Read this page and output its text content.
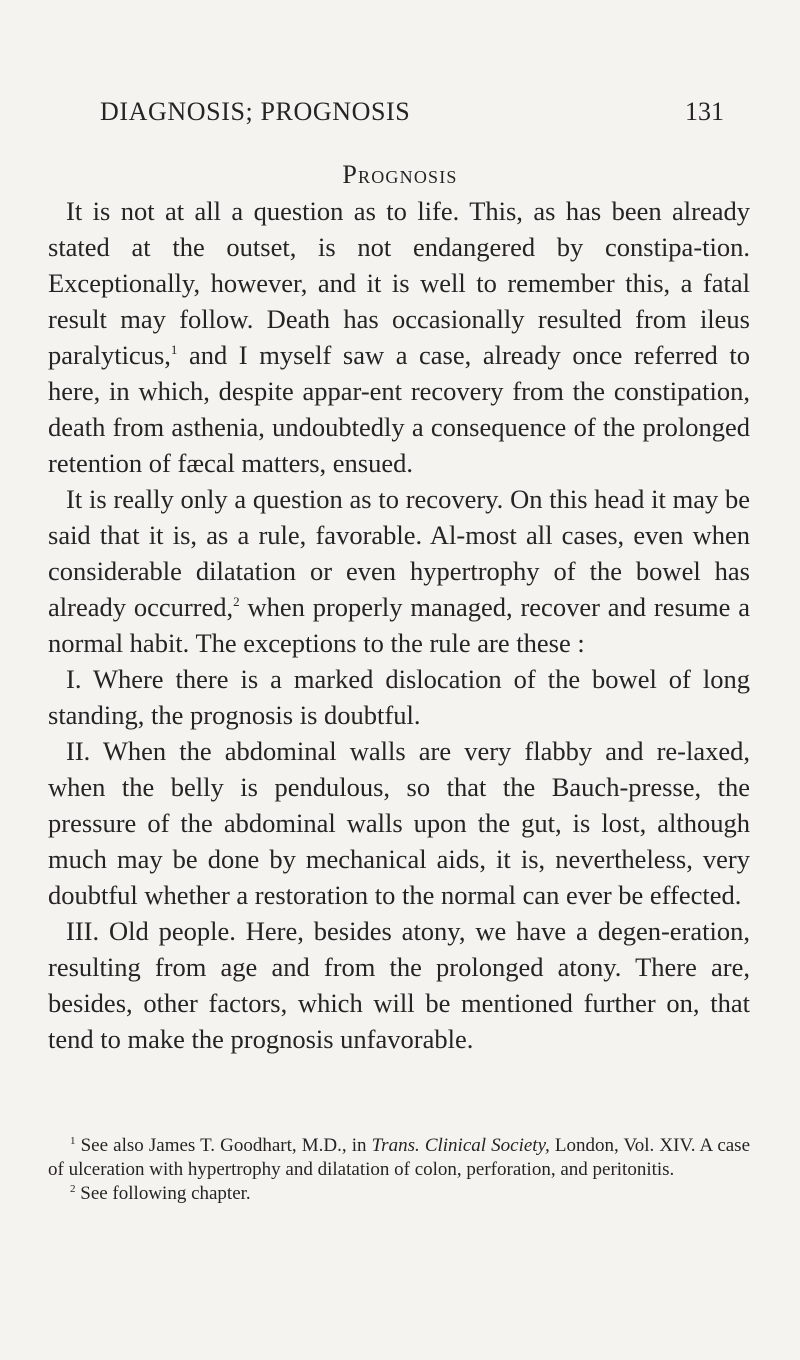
DIAGNOSIS; PROGNOSIS	131
Prognosis

It is not at all a question as to life. This, as has been already stated at the outset, is not endangered by constipa-tion. Exceptionally, however, and it is well to remember this, a fatal result may follow. Death has occasionally resulted from ileus paralyticus,$^1$ and I myself saw a case, already once referred to here, in which, despite appar-ent recovery from the constipation, death from asthenia, undoubtedly a consequence of the prolonged retention of fæcal matters, ensued.

It is really only a question as to recovery. On this head it may be said that it is, as a rule, favorable. Al-most all cases, even when considerable dilatation or even hypertrophy of the bowel has already occurred,$^2$ when properly managed, recover and resume a normal habit. The exceptions to the rule are these :

I. Where there is a marked dislocation of the bowel of long standing, the prognosis is doubtful.

II. When the abdominal walls are very flabby and re-laxed, when the belly is pendulous, so that the Bauch-presse, the pressure of the abdominal walls upon the gut, is lost, although much may be done by mechanical aids, it is, nevertheless, very doubtful whether a restoration to the normal can ever be effected.

III. Old people. Here, besides atony, we have a degen-eration, resulting from age and from the prolonged atony. There are, besides, other factors, which will be mentioned further on, that tend to make the prognosis unfavorable.

$^1$ See also James T. Goodhart, M.D., in Trans. Clinical Society, London, Vol. XIV. A case of ulceration with hypertrophy and dilatation of colon, perforation, and peritonitis.

$^2$ See following chapter.
